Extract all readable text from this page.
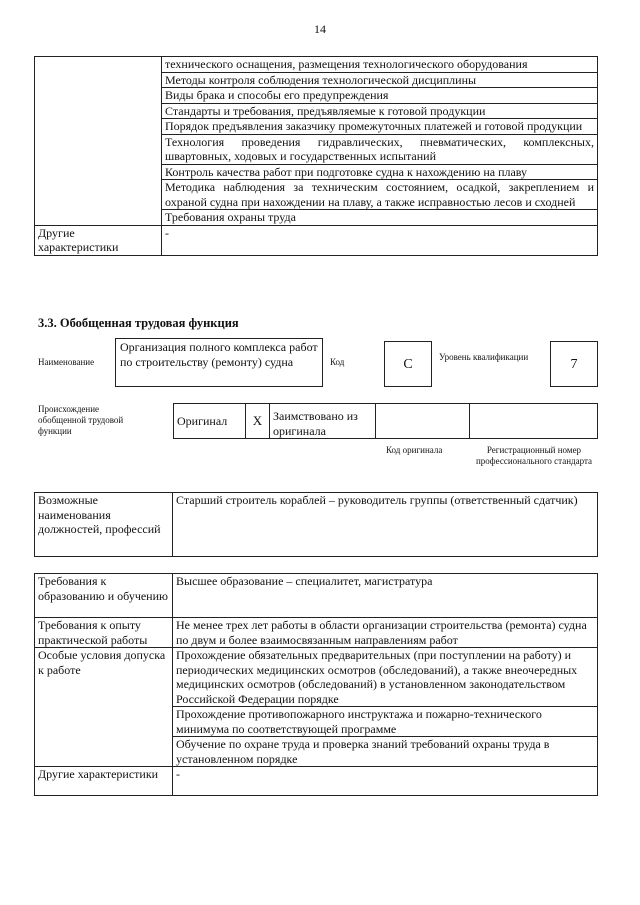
14
	технического оснащения, размещения технологического оборудования
	Методы контроля соблюдения технологической дисциплины
	Виды брака и способы его предупреждения
	Стандарты и требования, предъявляемые к готовой продукции
	Порядок предъявления заказчику промежуточных платежей и готовой продукции
	Технология проведения гидравлических, пневматических, комплексных, швартовных, ходовых и государственных испытаний
	Контроль качества работ при подготовке судна к нахождению на плаву
	Методика наблюдения за техническим состоянием, осадкой, закреплением и охраной судна при нахождении на плаву, а также исправностью лесов и сходней
	Требования охраны труда
Другие характеристики	-
3.3. Обобщенная трудовая функция
Наименование
Организация полного комплекса работ по строительству (ремонту) судна	Код	С	Уровень квалификации	7
Происхождение обобщенной трудовой функции
Оригинал	Х	Заимствовано из оригинала		
Код оригинала	Регистрационный номер профессионального стандарта
Возможные наименования должностей, профессий	Старший строитель кораблей – руководитель группы (ответственный сдатчик)
Требования к образованию и обучению	Высшее образование – специалитет, магистратура
Требования к опыту практической работы	Не менее трех лет работы в области организации строительства (ремонта) судна по двум и более взаимосвязанным направлениям работ
Особые условия допуска к работе	Прохождение обязательных предварительных (при поступлении на работу) и периодических медицинских осмотров (обследований), а также внеочередных медицинских осмотров (обследований) в установленном законодательством Российской Федерации порядке
	Прохождение противопожарного инструктажа и пожарно-технического минимума по соответствующей программе
	Обучение по охране труда и проверка знаний требований охраны труда в установленном порядке
Другие характеристики	-
